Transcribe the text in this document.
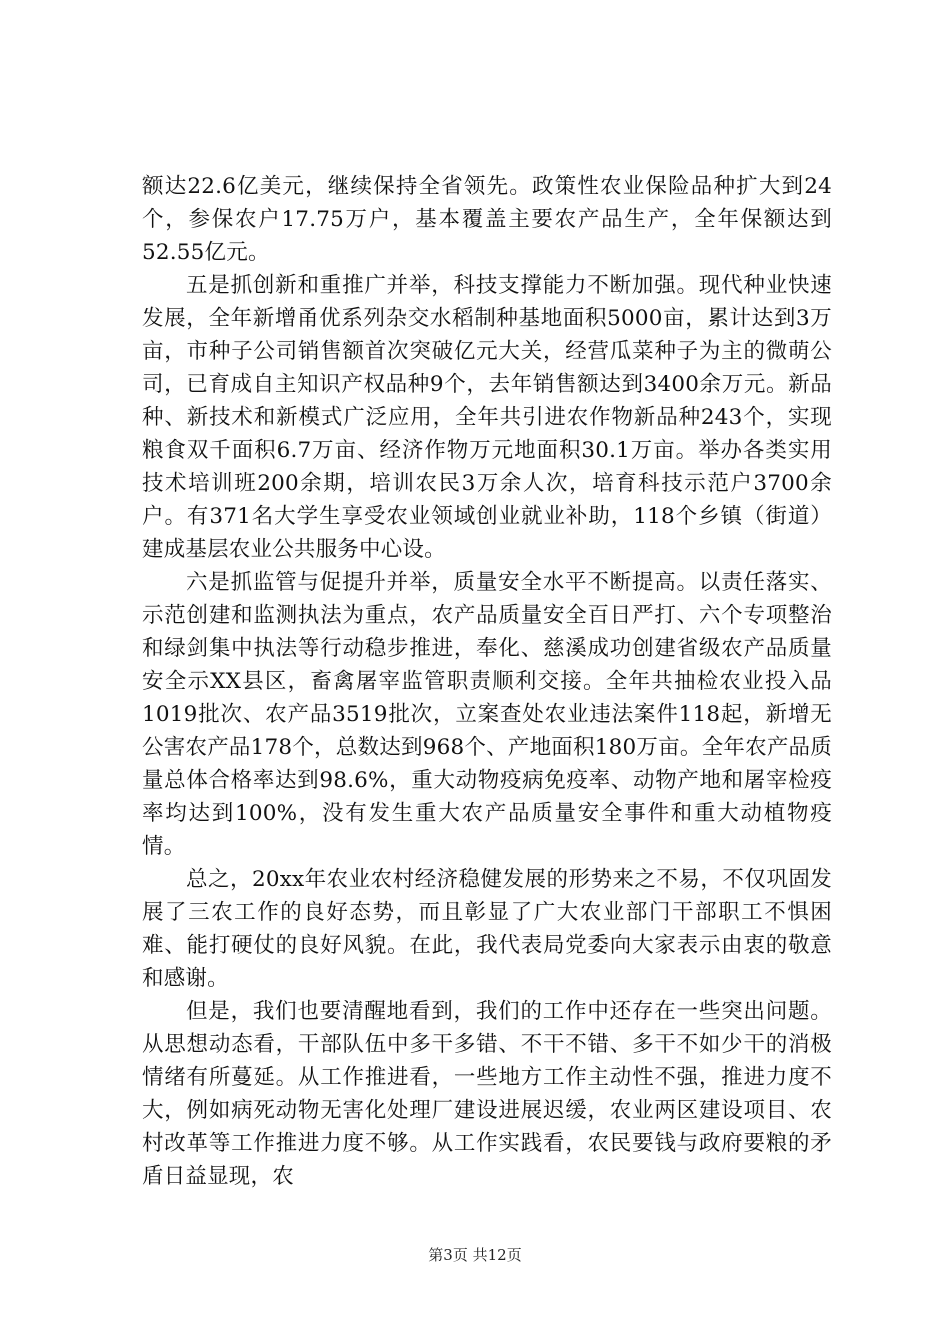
额达22.6亿美元，继续保持全省领先。政策性农业保险品种扩大到24个，参保农户17.75万户，基本覆盖主要农产品生产，全年保额达到52.55亿元。

五是抓创新和重推广并举，科技支撑能力不断加强。现代种业快速发展，全年新增甬优系列杂交水稻制种基地面积5000亩，累计达到3万亩，市种子公司销售额首次突破亿元大关，经营瓜菜种子为主的微萌公司，已育成自主知识产权品种9个，去年销售额达到3400余万元。新品种、新技术和新模式广泛应用，全年共引进农作物新品种243个，实现粮食双千面积6.7万亩、经济作物万元地面积30.1万亩。举办各类实用技术培训班200余期，培训农民3万余人次，培育科技示范户3700余户。有371名大学生享受农业领域创业就业补助，118个乡镇（街道）建成基层农业公共服务中心设。

六是抓监管与促提升并举，质量安全水平不断提高。以责任落实、示范创建和监测执法为重点，农产品质量安全百日严打、六个专项整治和绿剑集中执法等行动稳步推进，奉化、慈溪成功创建省级农产品质量安全示XX县区，畜禽屠宰监管职责顺利交接。全年共抽检农业投入品1019批次、农产品3519批次，立案查处农业违法案件118起，新增无公害农产品178个，总数达到968个、产地面积180万亩。全年农产品质量总体合格率达到98.6%，重大动物疫病免疫率、动物产地和屠宰检疫率均达到100%，没有发生重大农产品质量安全事件和重大动植物疫情。

总之，20xx年农业农村经济稳健发展的形势来之不易，不仅巩固发展了三农工作的良好态势，而且彰显了广大农业部门干部职工不惧困难、能打硬仗的良好风貌。在此，我代表局党委向大家表示由衷的敬意和感谢。

但是，我们也要清醒地看到，我们的工作中还存在一些突出问题。从思想动态看，干部队伍中多干多错、不干不错、多干不如少干的消极情绪有所蔓延。从工作推进看，一些地方工作主动性不强，推进力度不大，例如病死动物无害化处理厂建设进展迟缓，农业两区建设项目、农村改革等工作推进力度不够。从工作实践看，农民要钱与政府要粮的矛盾日益显现，农

第3页 共12页
